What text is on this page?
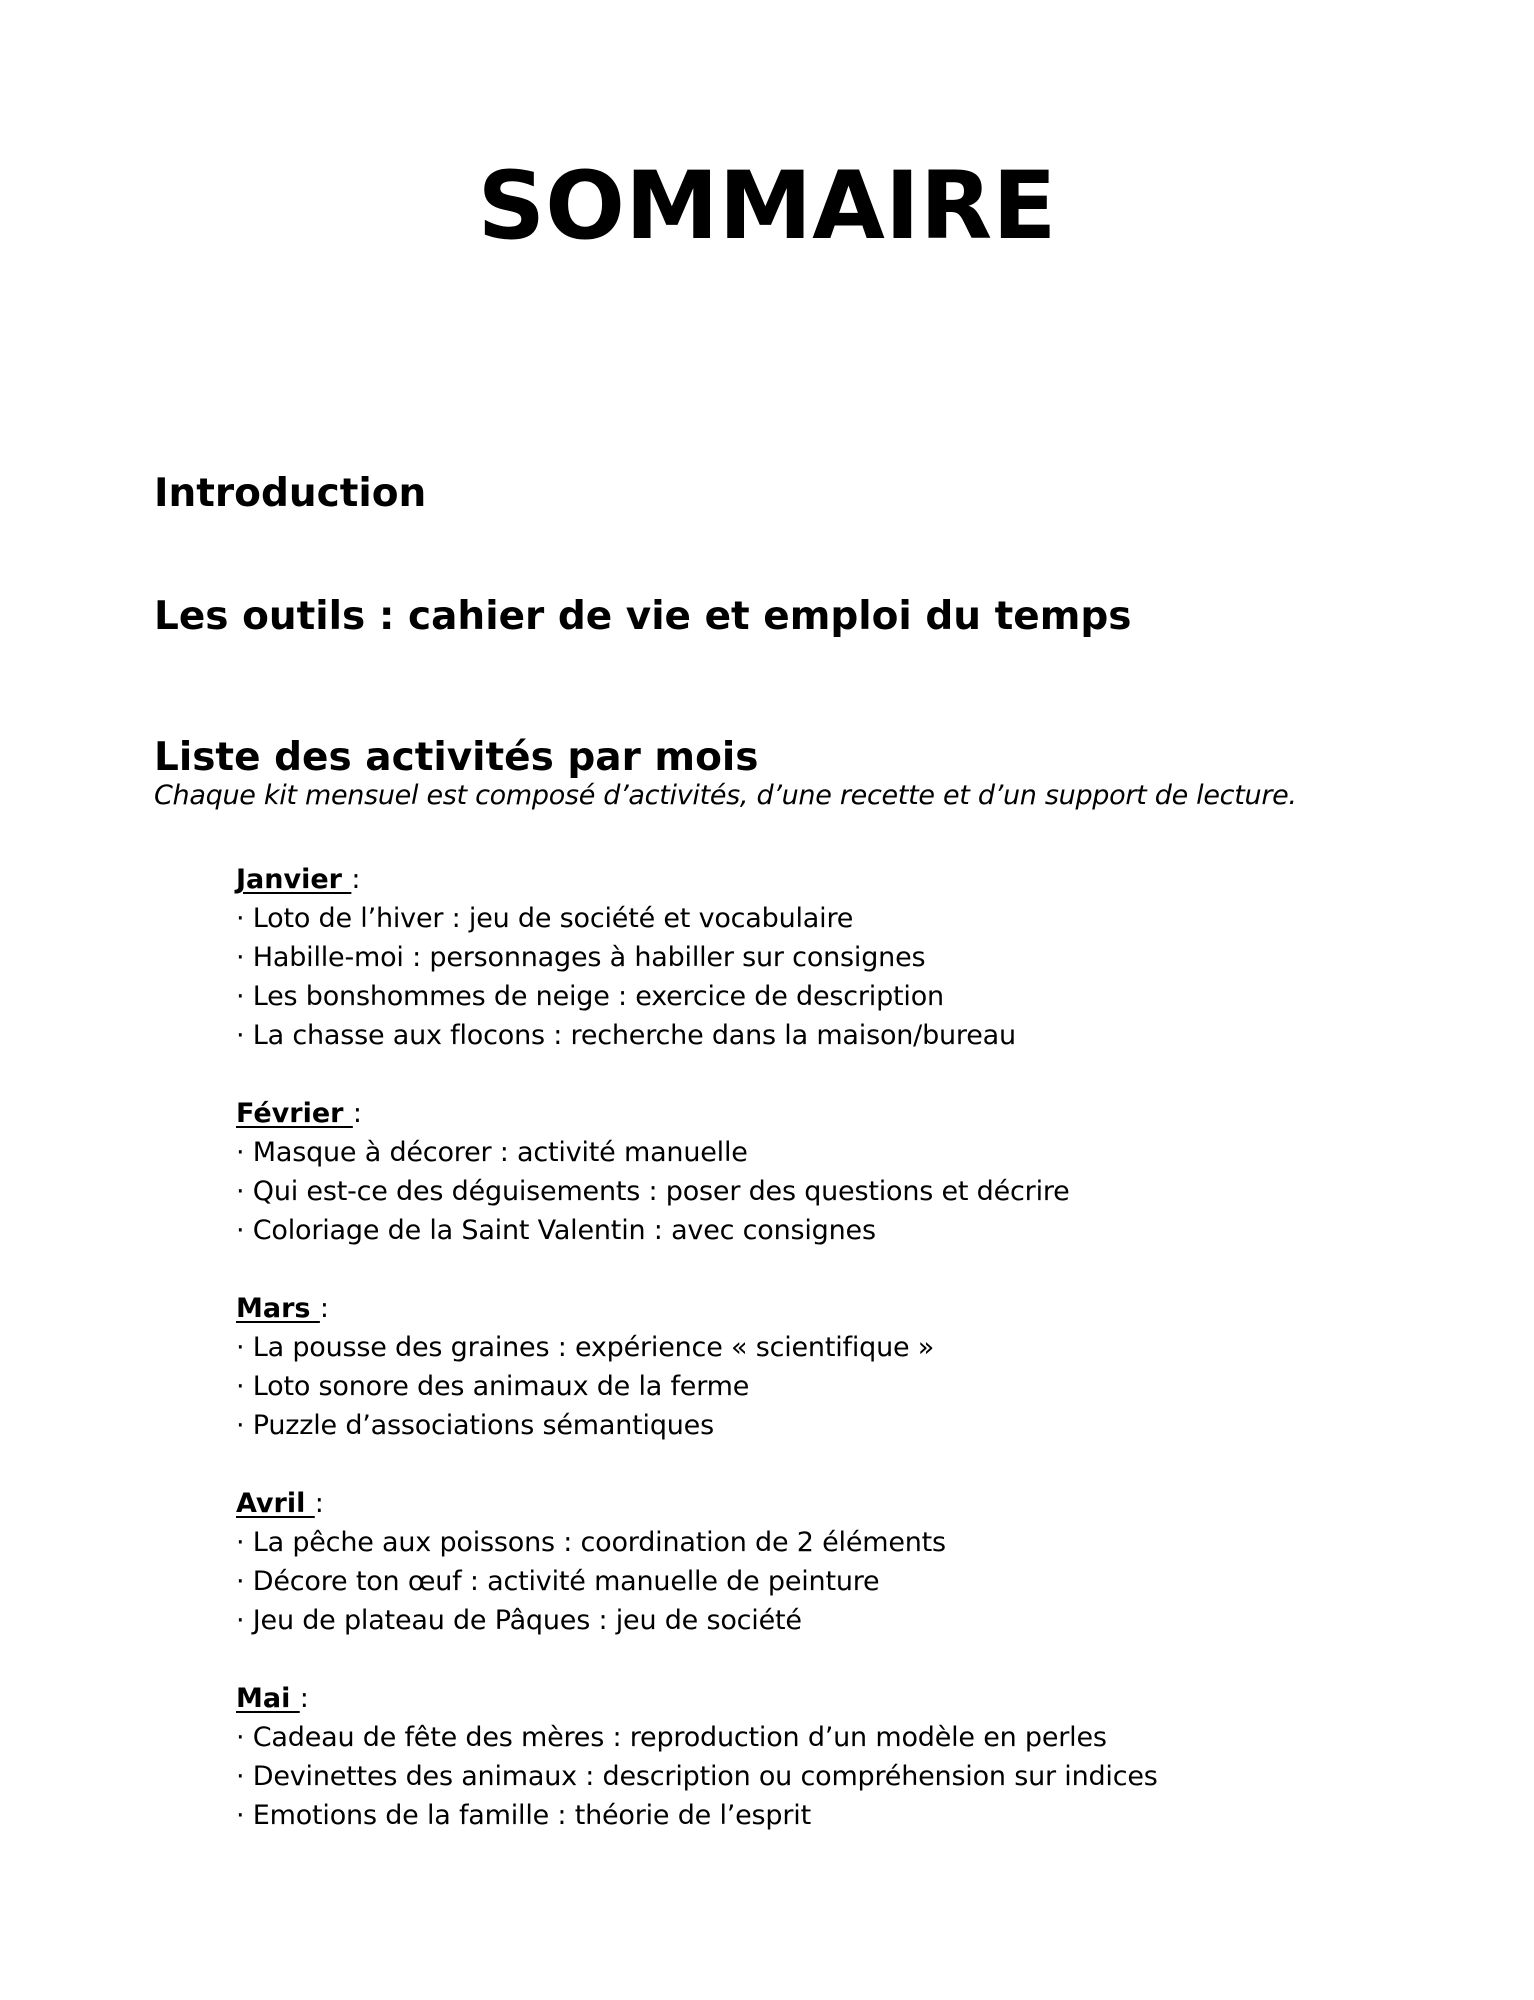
SOMMAIRE
Introduction
Les outils : cahier de vie et emploi du temps
Liste des activités par mois
Chaque kit mensuel est composé d’activités, d’une recette et d’un support de lecture.
Janvier :
· Loto de l’hiver : jeu de société et vocabulaire
· Habille-moi : personnages à habiller sur consignes
· Les bonshommes de neige : exercice de description
· La chasse aux flocons : recherche dans la maison/bureau
Février :
· Masque à décorer : activité manuelle
· Qui est-ce des déguisements : poser des questions et décrire
· Coloriage de la Saint Valentin : avec consignes
Mars :
· La pousse des graines : expérience « scientifique »
· Loto sonore des animaux de la ferme
· Puzzle d’associations sémantiques
Avril :
· La pêche aux poissons : coordination de 2 éléments
· Décore ton œuf : activité manuelle de peinture
· Jeu de plateau de Pâques : jeu de société
Mai :
· Cadeau de fête des mères : reproduction d’un modèle en perles
· Devinettes des animaux : description ou compréhension sur indices
· Emotions de la famille : théorie de l’esprit
